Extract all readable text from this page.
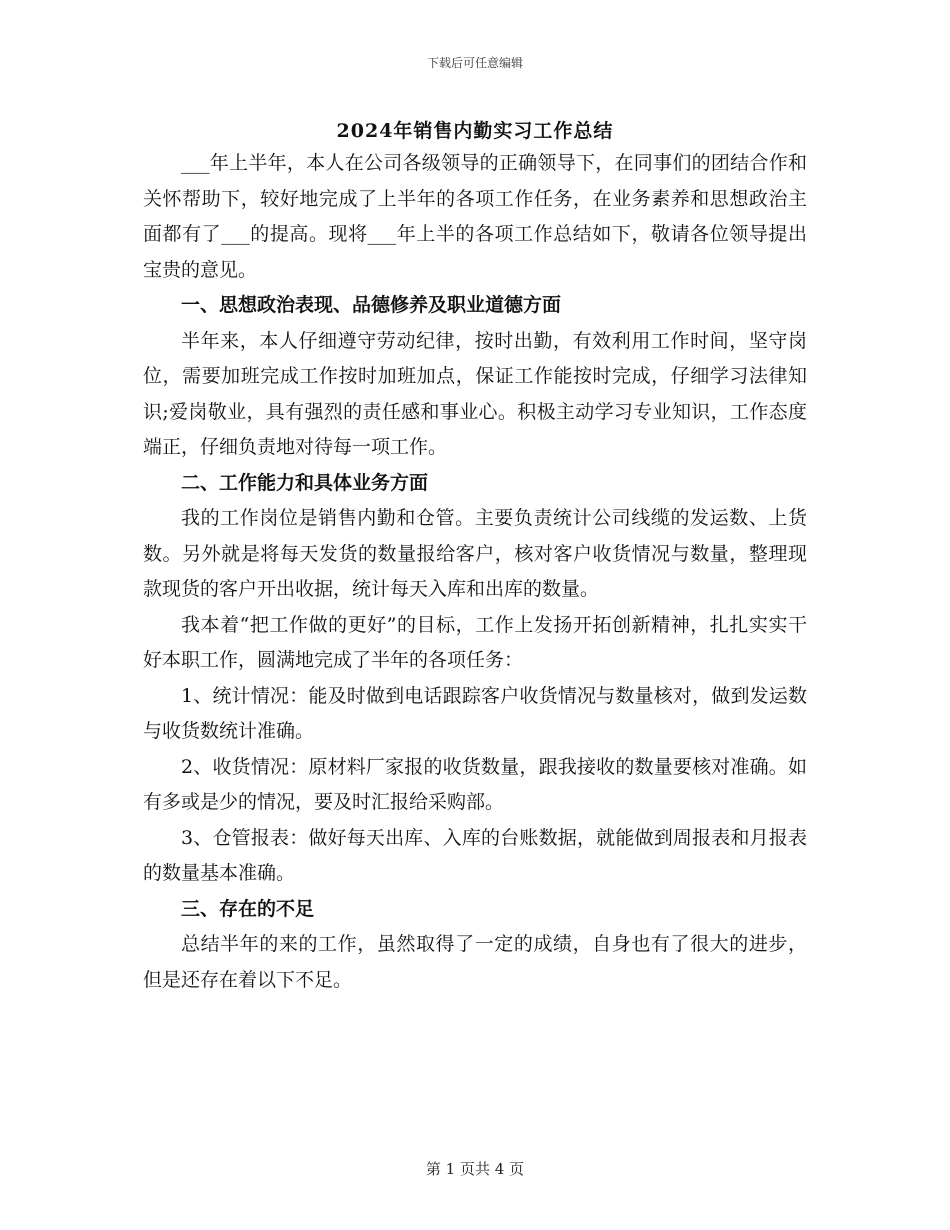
下载后可任意编辑
2024年销售内勤实习工作总结

___年上半年，本人在公司各级领导的正确领导下，在同事们的团结合作和关怀帮助下，较好地完成了上半年的各项工作任务，在业务素养和思想政治主面都有了___的提高。现将___年上半的各项工作总结如下，敬请各位领导提出宝贵的意见。

一、思想政治表现、品德修养及职业道德方面

半年来，本人仔细遵守劳动纪律，按时出勤，有效利用工作时间，坚守岗位，需要加班完成工作按时加班加点，保证工作能按时完成，仔细学习法律知识;爱岗敬业，具有强烈的责任感和事业心。积极主动学习专业知识，工作态度端正，仔细负责地对待每一项工作。

二、工作能力和具体业务方面

我的工作岗位是销售内勤和仓管。主要负责统计公司线缆的发运数、上货数。另外就是将每天发货的数量报给客户，核对客户收货情况与数量，整理现款现货的客户开出收据，统计每天入库和出库的数量。

我本着“把工作做的更好”的目标，工作上发扬开拓创新精神，扎扎实实干好本职工作，圆满地完成了半年的各项任务：

1、统计情况：能及时做到电话跟踪客户收货情况与数量核对，做到发运数与收货数统计准确。

2、收货情况：原材料厂家报的收货数量，跟我接收的数量要核对准确。如有多或是少的情况，要及时汇报给采购部。

3、仓管报表：做好每天出库、入库的台账数据，就能做到周报表和月报表的数量基本准确。

三、存在的不足

总结半年的来的工作，虽然取得了一定的成绩，自身也有了很大的进步，但是还存在着以下不足。

第 1 页共 4 页
